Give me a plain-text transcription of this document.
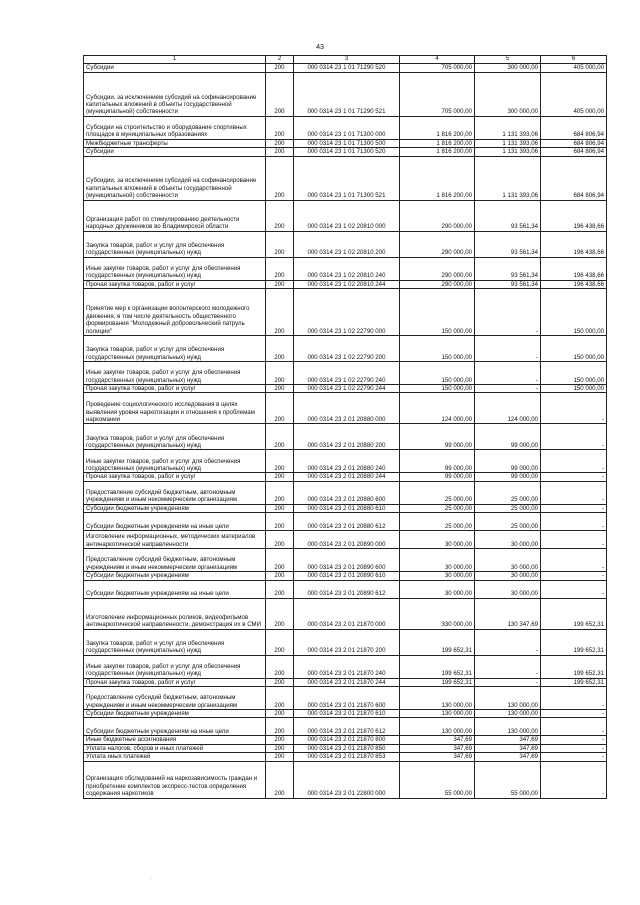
43
1	2	3	4	5	6
Субсидии	200	000 0314 23 1 01 71290 520	705 000,00	300 000,00	405 000,00
Субсидии, за исключением субсидий на софинансирование капитальных вложений в объекты государственной (муниципальной) собственности	200	000 0314 23 1 01 71290 521	705 000,00	300 000,00	405 000,00
Субсидии на строительство и оборудование спортивных площадок в муниципальных образованиях	200	000 0314 23 1 01 71300 000	1 816 200,00	1 131 393,06	684 806,94
Межбюджетные трансферты	200	000 0314 23 1 01 71300 500	1 816 200,00	1 131 393,06	684 806,94
Субсидии	200	000 0314 23 1 01 71300 520	1 816 200,00	1 131 393,06	684 806,94
Субсидии, за исключением субсидий на софинансирование капитальных вложений в объекты государственной (муниципальной) собственности	200	000 0314 23 1 01 71300 521	1 816 200,00	1 131 393,06	684 806,94
Организация работ по стимулированию деятельности народных дружинников во Владимирской области	200	000 0314 23 1 02 20810 000	290 000,00	93 561,34	196 438,66
Закупка товаров, работ и услуг для обеспечения государственных (муниципальных) нужд	200	000 0314 23 1 02 20810 200	290 000,00	93 561,34	196 438,66
Иные закупки товаров, работ и услуг для обеспечения государственных (муниципальных) нужд	200	000 0314 23 1 02 20810 240	290 000,00	93 561,34	196 438,66
Прочая закупка товаров, работ и услуг	200	000 0314 23 1 02 20810 244	290 000,00	93 561,34	196 438,66
Принятие мер к организации волонтерского молодежного движения, в том числе деятельность общественного формирования "Молодежный добровольческий патруль полиции"	200	000 0314 23 1 02 22790 000	150 000,00	-	150 000,00
Закупка товаров, работ и услуг для обеспечения государственных (муниципальных) нужд	200	000 0314 23 1 02 22790 200	150 000,00	-	150 000,00
Иные закупки товаров, работ и услуг для обеспечения государственных (муниципальных) нужд	200	000 0314 23 1 02 22790 240	150 000,00	-	150 000,00
Прочая закупка товаров, работ и услуг	200	000 0314 23 1 02 22790 244	150 000,00	-	150 000,00
Проведение социологического исследования в целях выявления уровня наркотизации и отношения к проблемам наркомании	200	000 0314 23 2 01 20880 000	124 000,00	124 000,00	-
Закупка товаров, работ и услуг для обеспечения государственных (муниципальных) нужд	200	000 0314 23 2 01 20880 200	99 000,00	99 000,00	-
Иные закупки товаров, работ и услуг для обеспечения государственных (муниципальных) нужд	200	000 0314 23 2 01 20880 240	99 000,00	99 000,00	-
Прочая закупка товаров, работ и услуг	200	000 0314 23 2 01 20880 244	99 000,00	99 000,00	-
Предоставление субсидий бюджетным, автономным учреждениям и иным некоммерческим организациям	200	000 0314 23 2 01 20880 600	25 000,00	25 000,00	-
Субсидии бюджетным учреждениям	200	000 0314 23 2 01 20880 610	25 000,00	25 000,00	-
Субсидии бюджетным учреждениям на иные цели	200	000 0314 23 2 01 20880 612	25 000,00	25 000,00	-
Изготовление информационных, методических материалов антинаркотической направленности	200	000 0314 23 2 01 20890 000	30 000,00	30 000,00	-
Предоставление субсидий бюджетным, автономным учреждениям и иным некоммерческим организациям	200	000 0314 23 2 01 20890 600	30 000,00	30 000,00	-
Субсидии бюджетным учреждениям	200	000 0314 23 2 01 20890 610	30 000,00	30 000,00	-
Субсидии бюджетным учреждениям на иные цели	200	000 0314 23 2 01 20890 612	30 000,00	30 000,00	-
Изготовление информационных роликов, видеофильмов антинаркотической направленности, демонстрация их в СМИ	200	000 0314 23 2 01 21870 000	330 000,00	130 347,69	199 652,31
Закупка товаров, работ и услуг для обеспечения государственных (муниципальных) нужд	200	000 0314 23 2 01 21870 200	199 652,31	-	199 652,31
Иные закупки товаров, работ и услуг для обеспечения государственных (муниципальных) нужд	200	000 0314 23 2 01 21870 240	199 652,31	-	199 652,31
Прочая закупка товаров, работ и услуг	200	000 0314 23 2 01 21870 244	199 652,31	-	199 652,31
Предоставление субсидий бюджетным, автономным учреждениям и иным некоммерческим организациям	200	000 0314 23 2 01 21870 600	130 000,00	130 000,00	-
Субсидии бюджетным учреждениям	200	000 0314 23 2 01 21870 610	130 000,00	130 000,00	-
Субсидии бюджетным учреждениям на иные цели	200	000 0314 23 2 01 21870 612	130 000,00	130 000,00	-
Иные бюджетные ассигнования	200	000 0314 23 2 01 21870 800	347,69	347,69	-
Уплата налогов, сборов и иных платежей	200	000 0314 23 2 01 21870 850	347,69	347,69	-
Уплата иных платежей	200	000 0314 23 2 01 21870 853	347,69	347,69	-
Организация обследований на наркозависимость граждан и приобретение комплектов экспресс-тестов определения содержания наркотиков	200	000 0314 23 2 01 22800 000	55 000,00	55 000,00	-
·
